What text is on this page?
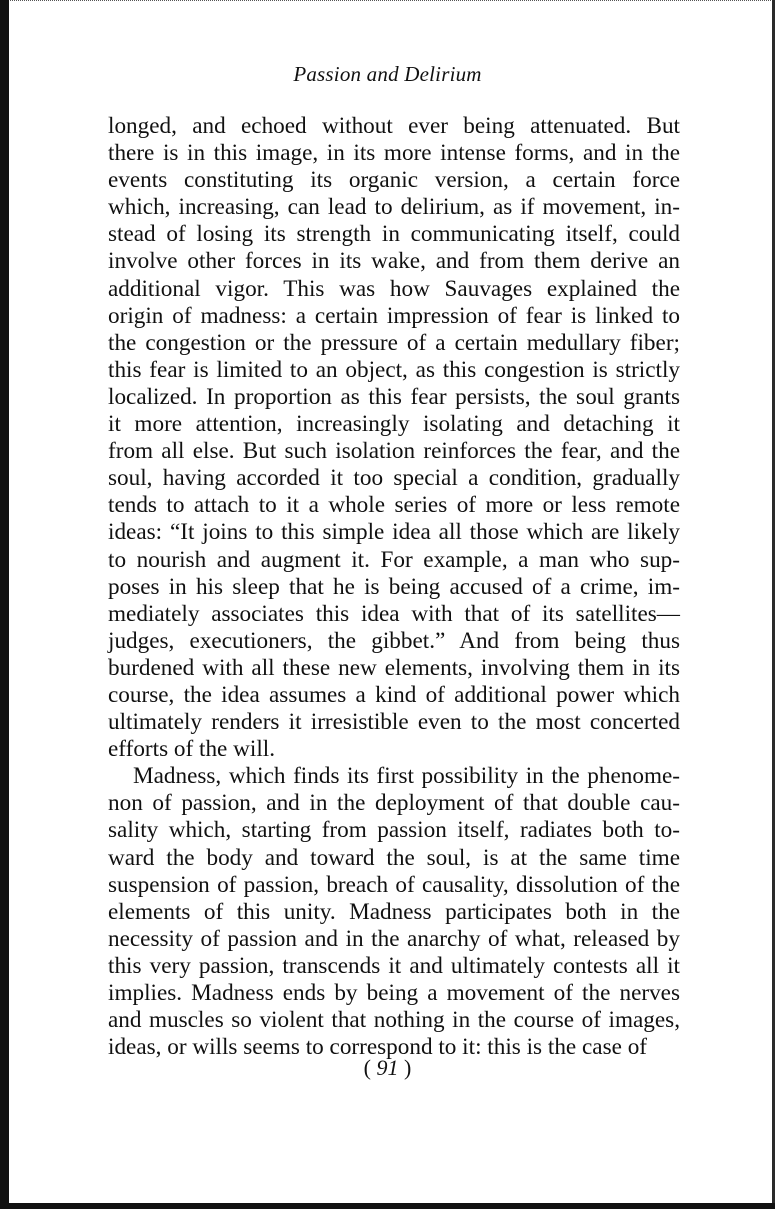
Passion and Delirium

longed, and echoed without ever being attenuated. But

there is in this image, in its more intense forms, and in the

events constituting its organic version, a certain force

which, increasing, can lead to delirium, as if movement, in-

stead of losing its strength in communicating itself, could

involve other forces in its wake, and from them derive an

additional vigor. This was how Sauvages explained the

origin of madness: a certain impression of fear is linked to

the congestion or the pressure of a certain medullary fiber;

this fear is limited to an object, as this congestion is strictly

localized. In proportion as this fear persists, the soul grants

it more attention, increasingly isolating and detaching it

from all else. But such isolation reinforces the fear, and the

soul, having accorded it too special a condition, gradually

tends to attach to it a whole series of more or less remote

ideas: “It joins to this simple idea all those which are likely

to nourish and augment it. For example, a man who sup-

poses in his sleep that he is being accused of a crime, im-

mediately associates this idea with that of its satellites—

judges, executioners, the gibbet.” And from being thus

burdened with all these new elements, involving them in its

course, the idea assumes a kind of additional power which

ultimately renders it irresistible even to the most concerted

efforts of the will.

Madness, which finds its first possibility in the phenome-

non of passion, and in the deployment of that double cau-

sality which, starting from passion itself, radiates both to-

ward the body and toward the soul, is at the same time

suspension of passion, breach of causality, dissolution of the

elements of this unity. Madness participates both in the

necessity of passion and in the anarchy of what, released by

this very passion, transcends it and ultimately contests all it

implies. Madness ends by being a movement of the nerves

and muscles so violent that nothing in the course of images,

ideas, or wills seems to correspond to it: this is the case of

( 91 )
